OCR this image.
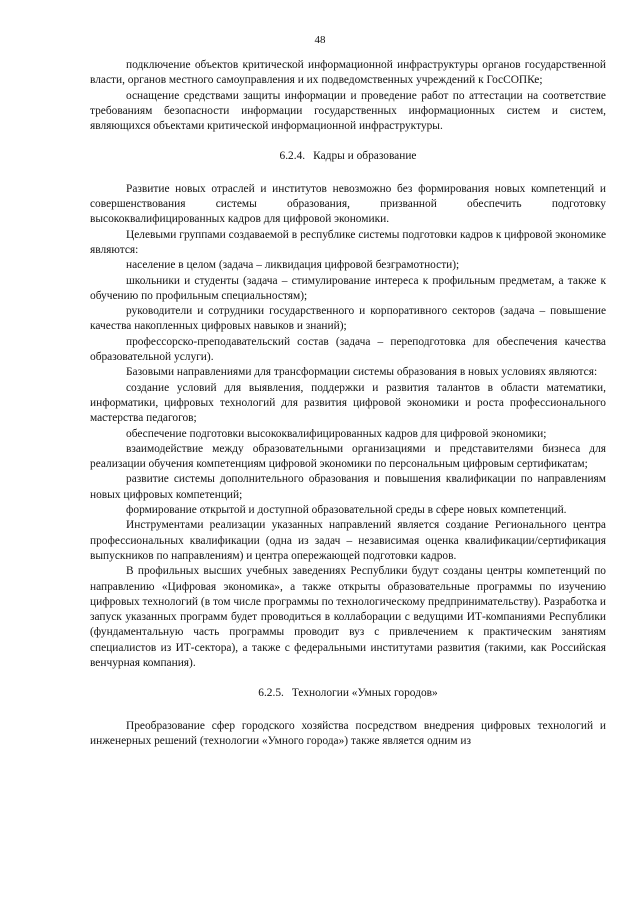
48

подключение объектов критической информационной инфраструктуры органов государственной власти, органов местного самоуправления и их подведомственных учреждений к ГосСОПКе;

оснащение средствами защиты информации и проведение работ по аттестации на соответствие требованиям безопасности информации государственных информационных систем и систем, являющихся объектами критической информационной инфраструктуры.

6.2.4. Кадры и образование

Развитие новых отраслей и институтов невозможно без формирования новых компетенций и совершенствования системы образования, призванной обеспечить подготовку высококвалифицированных кадров для цифровой экономики.

Целевыми группами создаваемой в республике системы подготовки кадров к цифровой экономике являются:

население в целом (задача – ликвидация цифровой безграмотности);

школьники и студенты (задача – стимулирование интереса к профильным предметам, а также к обучению по профильным специальностям);

руководители и сотрудники государственного и корпоративного секторов (задача – повышение качества накопленных цифровых навыков и знаний);

профессорско-преподавательский состав (задача – переподготовка для обеспечения качества образовательной услуги).

Базовыми направлениями для трансформации системы образования в новых условиях являются:

создание условий для выявления, поддержки и развития талантов в области математики, информатики, цифровых технологий для развития цифровой экономики и роста профессионального мастерства педагогов;

обеспечение подготовки высококвалифицированных кадров для цифровой экономики;

взаимодействие между образовательными организациями и представителями бизнеса для реализации обучения компетенциям цифровой экономики по персональным цифровым сертификатам;

развитие системы дополнительного образования и повышения квалификации по направлениям новых цифровых компетенций;

формирование открытой и доступной образовательной среды в сфере новых компетенций.

Инструментами реализации указанных направлений является создание Регионального центра профессиональных квалификации (одна из задач – независимая оценка квалификации/сертификация выпускников по направлениям) и центра опережающей подготовки кадров.

В профильных высших учебных заведениях Республики будут созданы центры компетенций по направлению «Цифровая экономика», а также открыты образовательные программы по изучению цифровых технологий (в том числе программы по технологическому предпринимательству). Разработка и запуск указанных программ будет проводиться в коллаборации с ведущими ИТ-компаниями Республики (фундаментальную часть программы проводит вуз с привлечением к практическим занятиям специалистов из ИТ-сектора), а также с федеральными институтами развития (такими, как Российская венчурная компания).

6.2.5. Технологии «Умных городов»

Преобразование сфер городского хозяйства посредством внедрения цифровых технологий и инженерных решений (технологии «Умного города») также является одним из
